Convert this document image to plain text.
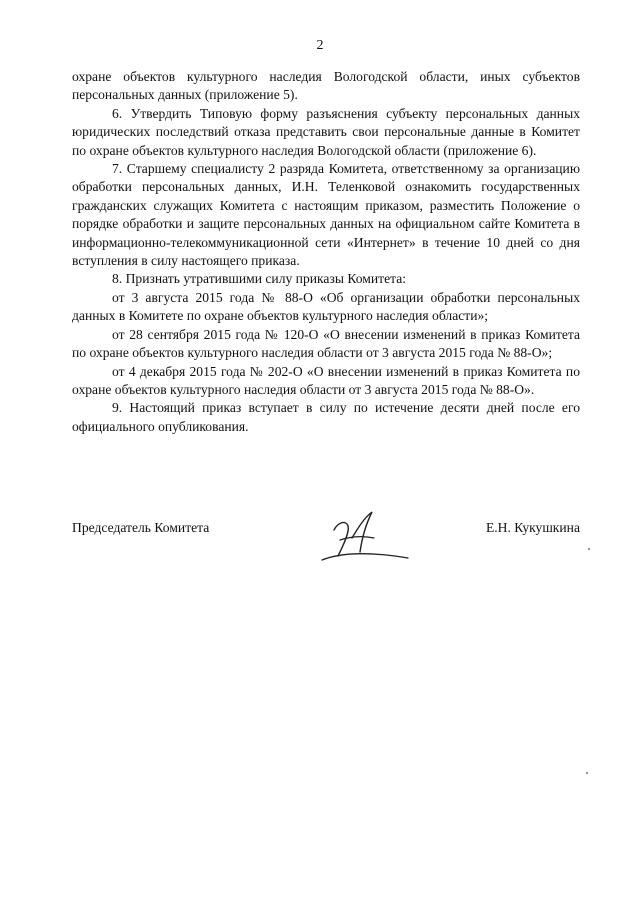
2

охране объектов культурного наследия Вологодской области, иных субъектов персональных данных (приложение 5).

6. Утвердить Типовую форму разъяснения субъекту персональных данных юридических последствий отказа представить свои персональные данные в Комитет по охране объектов культурного наследия Вологодской области (приложение 6).

7. Старшему специалисту 2 разряда Комитета, ответственному за организацию обработки персональных данных, И.Н. Теленковой ознакомить государственных гражданских служащих Комитета с настоящим приказом, разместить Положение о порядке обработки и защите персональных данных на официальном сайте Комитета в информационно-телекоммуникационной сети «Интернет» в течение 10 дней со дня вступления в силу настоящего приказа.

8. Признать утратившими силу приказы Комитета:

от 3 августа 2015 года № 88-О «Об организации обработки персональных данных в Комитете по охране объектов культурного наследия области»;

от 28 сентября 2015 года № 120-О «О внесении изменений в приказ Комитета по охране объектов культурного наследия области от 3 августа 2015 года № 88-О»;

от 4 декабря 2015 года № 202-О «О внесении изменений в приказ Комитета по охране объектов культурного наследия области от 3 августа 2015 года № 88-О».

9. Настоящий приказ вступает в силу по истечение десяти дней после его официального опубликования.

Председатель Комитета	Е.Н. Кукушкина
